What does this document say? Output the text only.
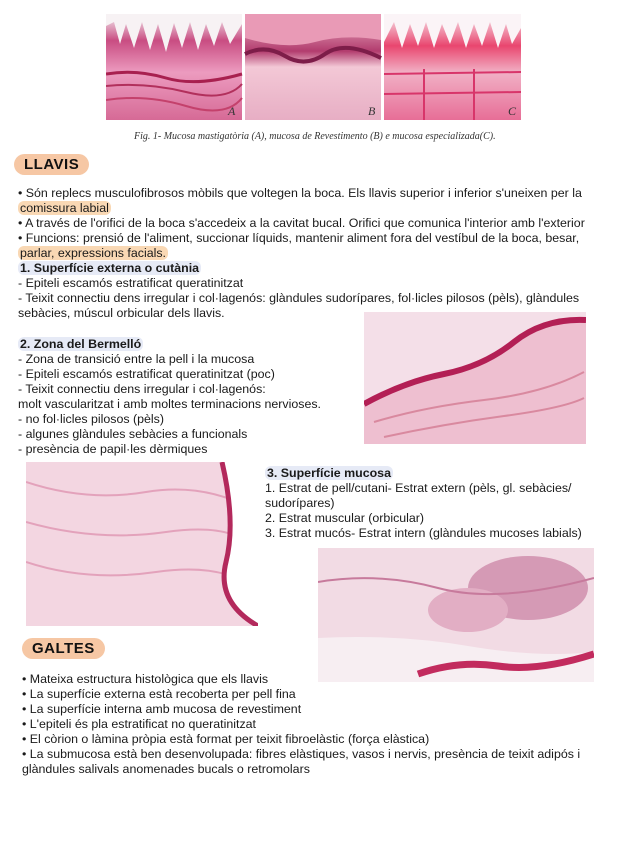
A	B	C
Fig. 1- Mucosa mastigatòria (A), mucosa de Revestimento (B) e mucosa especializada(C).
LLAVIS
• Són replecs musculofibrosos mòbils que voltegen la boca. Els llavis superior i inferior s'uneixen per la
comissura labial
• A través de l'orifici de la boca s'accedeix a la cavitat bucal. Orifici que comunica l'interior amb l'exterior
• Funcions: prensió de l'aliment, succionar líquids, mantenir aliment fora del vestíbul de la boca, besar,
parlar, expressions facials.
1. Superfície externa o cutània
- Epiteli escamós estratificat queratinitzat
- Teixit connectiu dens irregular i col·lagenós: glàndules sudorípares, fol·licles pilosos (pèls), glàndules
sebàcies, múscul orbicular dels llavis.
2. Zona del Bermelló
- Zona de transició entre la pell i la mucosa
- Epiteli escamós estratificat queratinitzat (poc)
- Teixit connectiu dens irregular i col·lagenós:
molt vascularitzat i amb moltes terminacions nervioses.
- no fol·licles pilosos (pèls)
- algunes glàndules sebàcies a funcionals
- presència de papil·les dèrmiques
3. Superfície mucosa
1. Estrat de pell/cutani- Estrat extern (pèls, gl. sebàcies/
sudorípares)
2. Estrat muscular (orbicular)
3. Estrat mucós- Estrat intern (glàndules mucoses labials)
GALTES
• Mateixa estructura histològica que els llavis
• La superfície externa està recoberta per pell fina
• La superfície interna amb mucosa de revestiment
• L'epiteli és pla estratificat no queratinitzat
• El còrion o làmina pròpia està format per teixit fibroelàstic (força elàstica)
• La submucosa està ben desenvolupada: fibres elàstiques, vasos i nervis, presència de teixit adipós i
glàndules salivals anomenades bucals o retromolars
